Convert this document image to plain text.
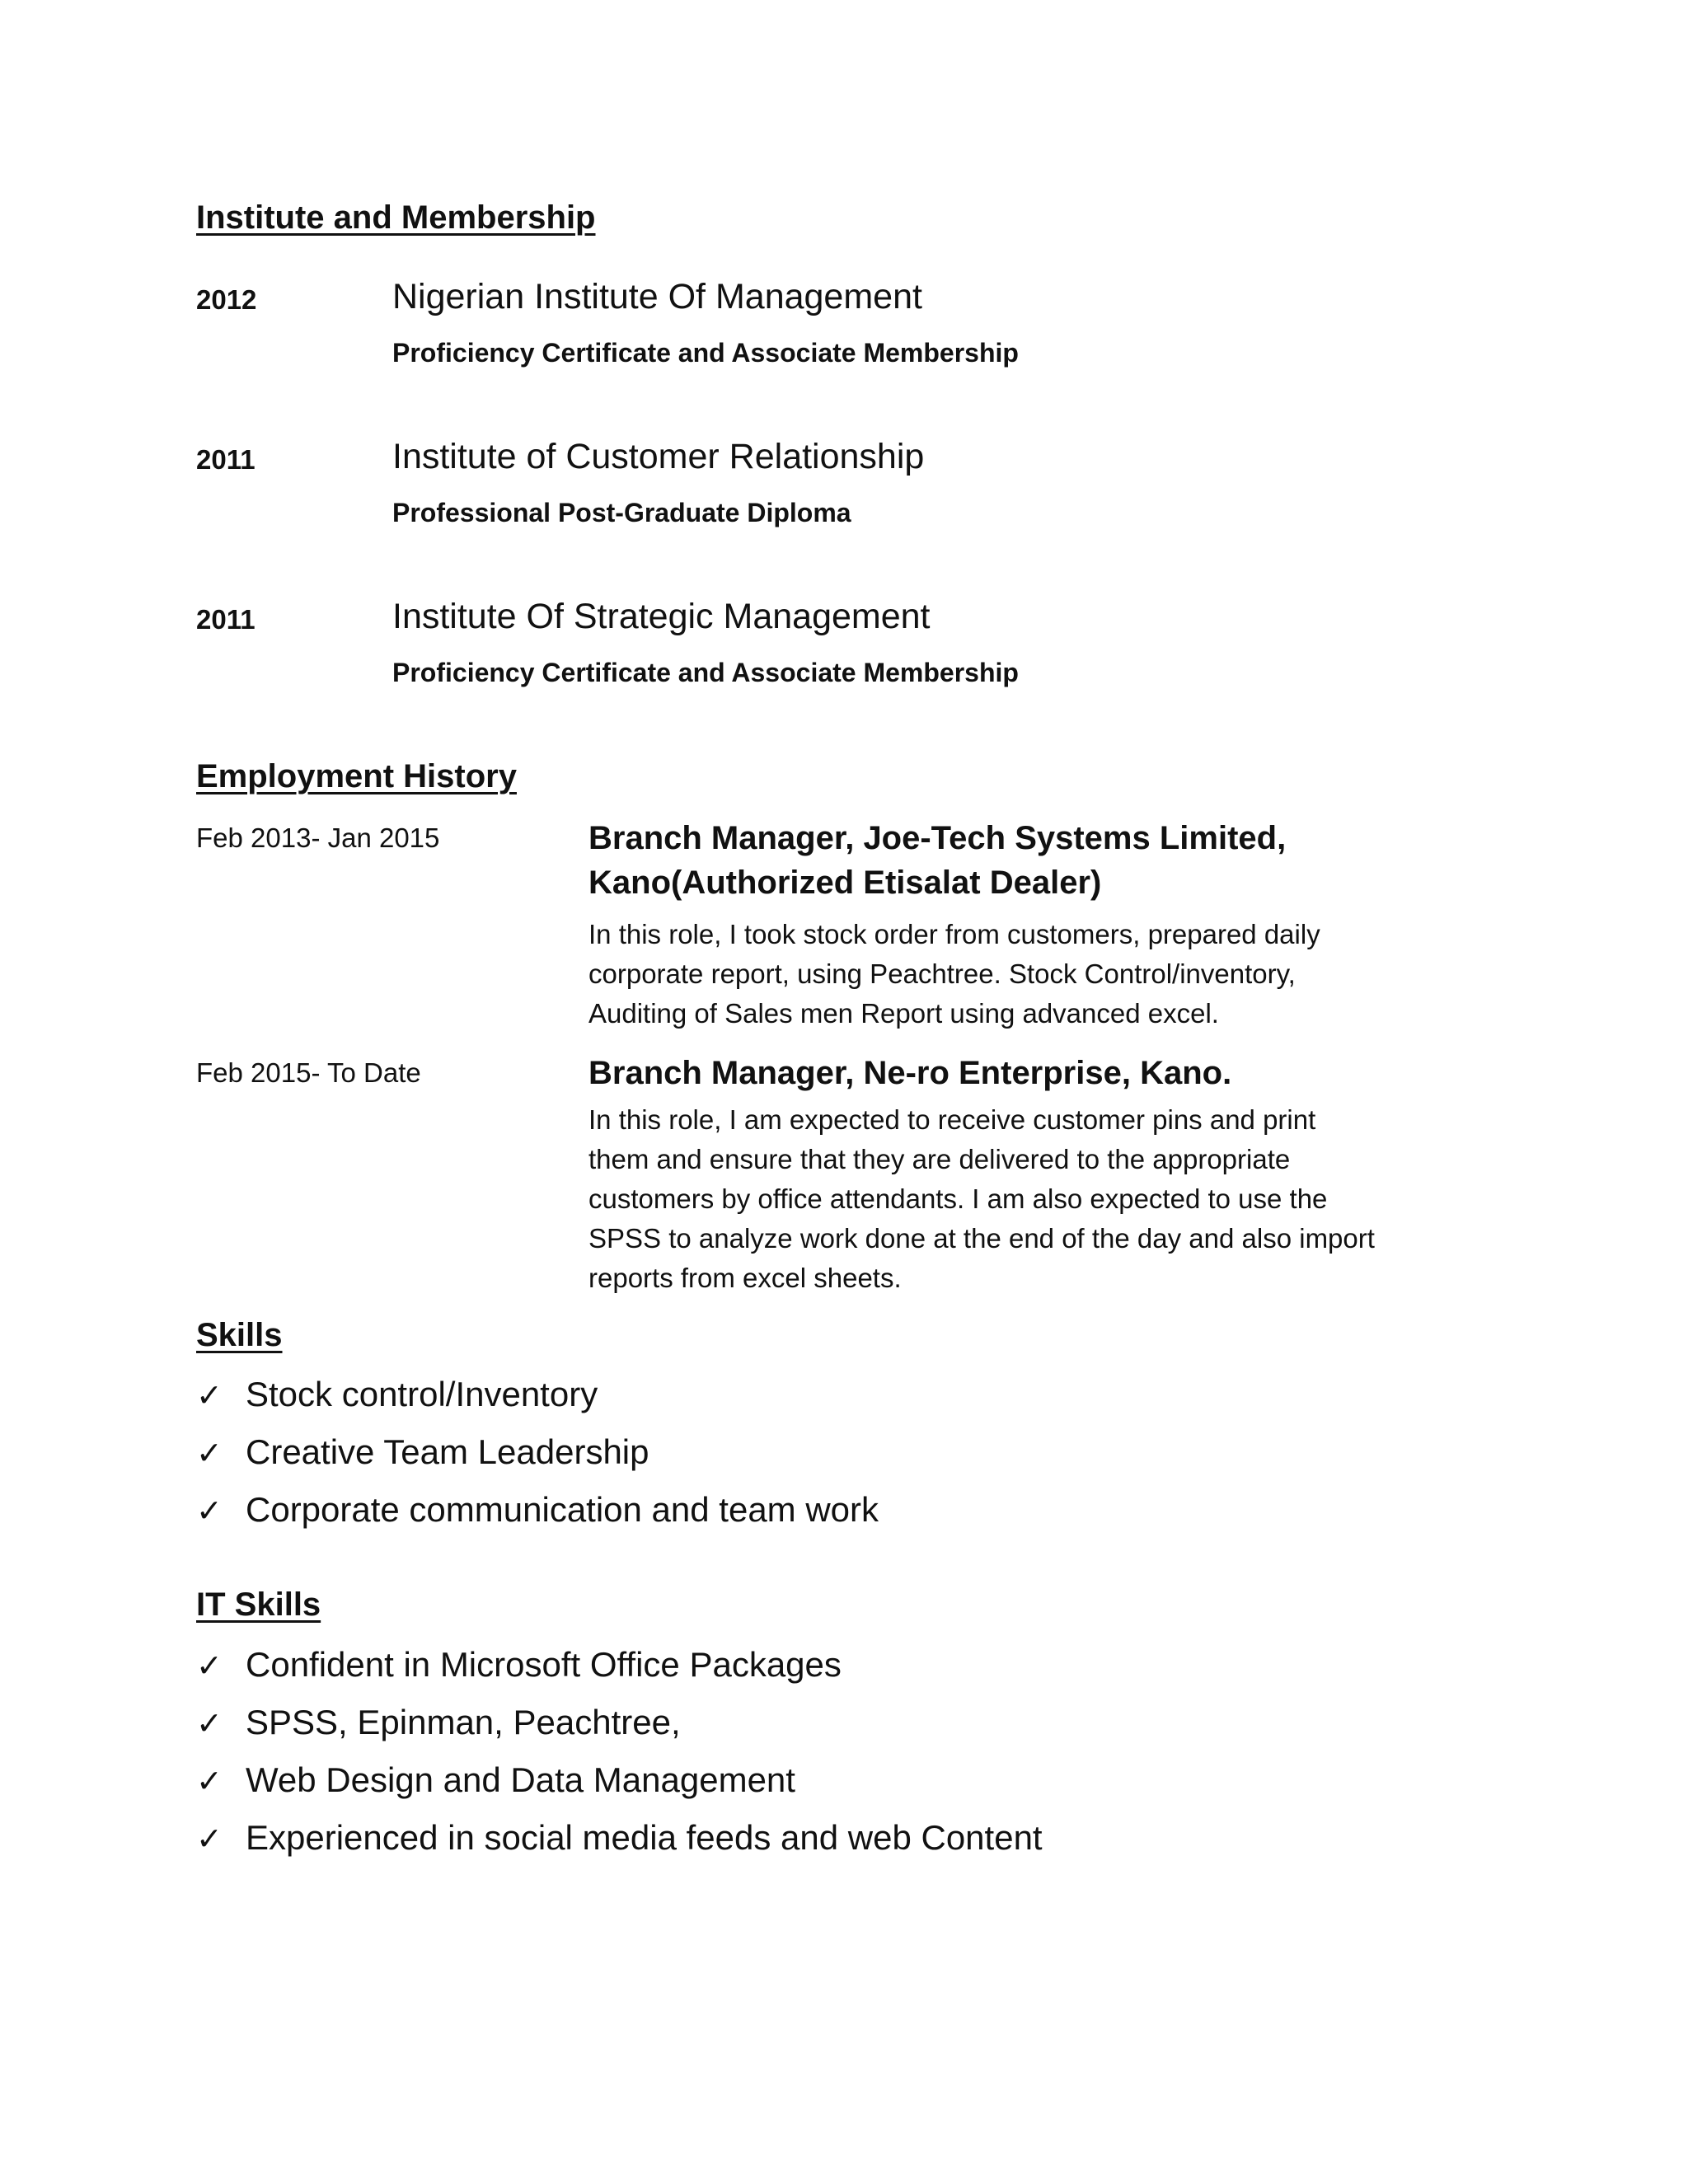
Institute and Membership
2012	Nigerian Institute Of Management
Proficiency Certificate and Associate Membership
2011	Institute of Customer Relationship
Professional Post-Graduate Diploma
2011	Institute Of Strategic Management
Proficiency Certificate and Associate Membership
Employment History
Feb 2013- Jan 2015	Branch Manager, Joe-Tech Systems Limited,
Kano(Authorized Etisalat Dealer)
In this role, I took stock order from customers, prepared daily
corporate report, using Peachtree. Stock Control/inventory,
Auditing of Sales men Report using advanced excel.
Feb 2015- To Date	Branch Manager, Ne-ro Enterprise, Kano.
In this role, I am expected to receive customer pins and print
them and ensure that they are delivered to the appropriate
customers by office attendants. I am also expected to use the
SPSS to analyze work done at the end of the day and also import
reports from excel sheets.
Skills
✓ Stock control/Inventory
✓ Creative Team Leadership
✓ Corporate communication and team work
IT Skills
✓ Confident in Microsoft Office Packages
✓ SPSS, Epinman, Peachtree,
✓ Web Design and Data Management
✓ Experienced in social media feeds and web Content
